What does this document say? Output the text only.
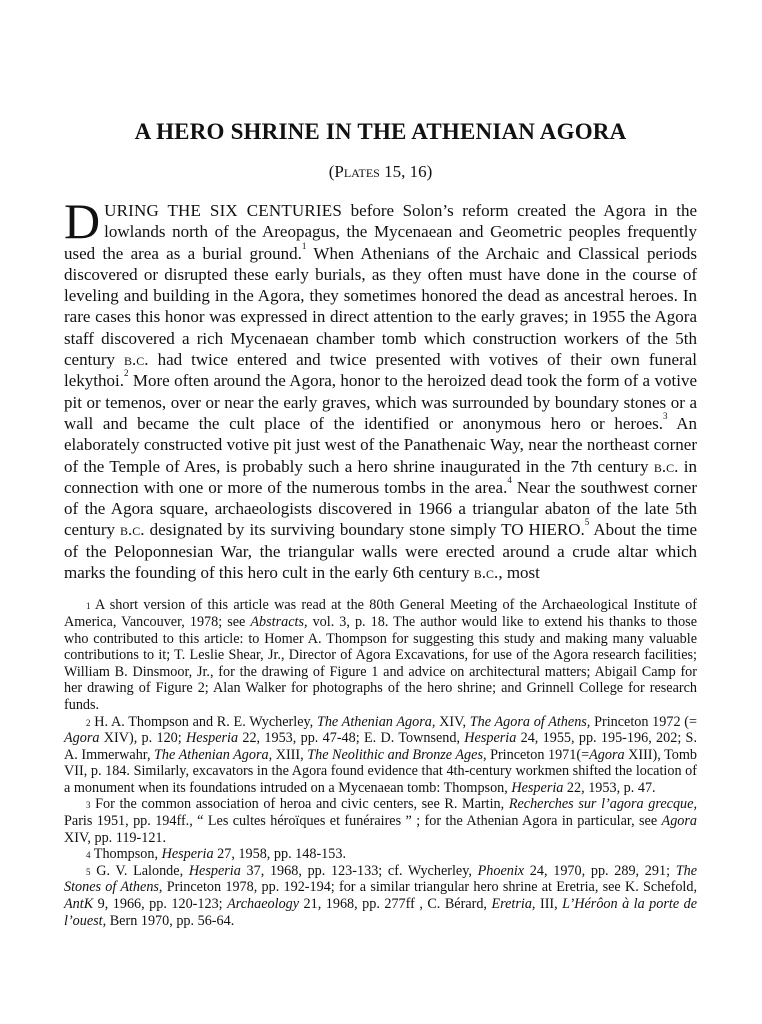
A HERO SHRINE IN THE ATHENIAN AGORA
(Plates 15, 16)
DURING THE SIX CENTURIES before Solon’s reform created the Agora in the lowlands north of the Areopagus, the Mycenaean and Geometric peoples frequently used the area as a burial ground.$^1$ When Athenians of the Archaic and Classical periods discovered or disrupted these early burials, as they often must have done in the course of leveling and building in the Agora, they sometimes honored the dead as ancestral heroes. In rare cases this honor was expressed in direct attention to the early graves; in 1955 the Agora staff discovered a rich Mycenaean chamber tomb which construction workers of the 5th century b.c. had twice entered and twice presented with votives of their own funeral lekythoi.$^2$ More often around the Agora, honor to the heroized dead took the form of a votive pit or temenos, over or near the early graves, which was surrounded by boundary stones or a wall and became the cult place of the identified or anonymous hero or heroes.$^3$ An elaborately constructed votive pit just west of the Panathenaic Way, near the northeast corner of the Temple of Ares, is probably such a hero shrine inaugurated in the 7th century b.c. in connection with one or more of the numerous tombs in the area.$^4$ Near the southwest corner of the Agora square, archaeologists discovered in 1966 a triangular abaton of the late 5th century b.c. designated by its surviving boundary stone simply TO HIERO.$^5$ About the time of the Peloponnesian War, the triangular walls were erected around a crude altar which marks the founding of this hero cult in the early 6th century b.c., most

$^1$ A short version of this article was read at the 80th General Meeting of the Archaeological Institute of America, Vancouver, 1978; see Abstracts, vol. 3, p. 18. The author would like to extend his thanks to those who contributed to this article: to Homer A. Thompson for suggesting this study and making many valuable contributions to it; T. Leslie Shear, Jr., Director of Agora Excavations, for use of the Agora research facilities; William B. Dinsmoor, Jr., for the drawing of Figure 1 and advice on architectural matters; Abigail Camp for her drawing of Figure 2; Alan Walker for photographs of the hero shrine; and Grinnell College for research funds.

$^2$ H. A. Thompson and R. E. Wycherley, The Athenian Agora, XIV, The Agora of Athens, Princeton 1972 (= Agora XIV), p. 120; Hesperia 22, 1953, pp. 47-48; E. D. Townsend, Hesperia 24, 1955, pp. 195-196, 202; S. A. Immerwahr, The Athenian Agora, XIII, The Neolithic and Bronze Ages, Princeton 1971(=Agora XIII), Tomb VII, p. 184. Similarly, excavators in the Agora found evidence that 4th-century workmen shifted the location of a monument when its foundations intruded on a Mycenaean tomb: Thompson, Hesperia 22, 1953, p. 47.

$^3$ For the common association of heroa and civic centers, see R. Martin, Recherches sur l’agora grecque, Paris 1951, pp. 194ff., “ Les cultes héroïques et funéraires ” ; for the Athenian Agora in particular, see Agora XIV, pp. 119-121.

$^4$ Thompson, Hesperia 27, 1958, pp. 148-153.

$^5$ G. V. Lalonde, Hesperia 37, 1968, pp. 123-133; cf. Wycherley, Phoenix 24, 1970, pp. 289, 291; The Stones of Athens, Princeton 1978, pp. 192-194; for a similar triangular hero shrine at Eretria, see K. Schefold, AntK 9, 1966, pp. 120-123; Archaeology 21, 1968, pp. 277ff , C. Bérard, Eretria, III, L’Hérôon à la porte de l’ouest, Bern 1970, pp. 56-64.
